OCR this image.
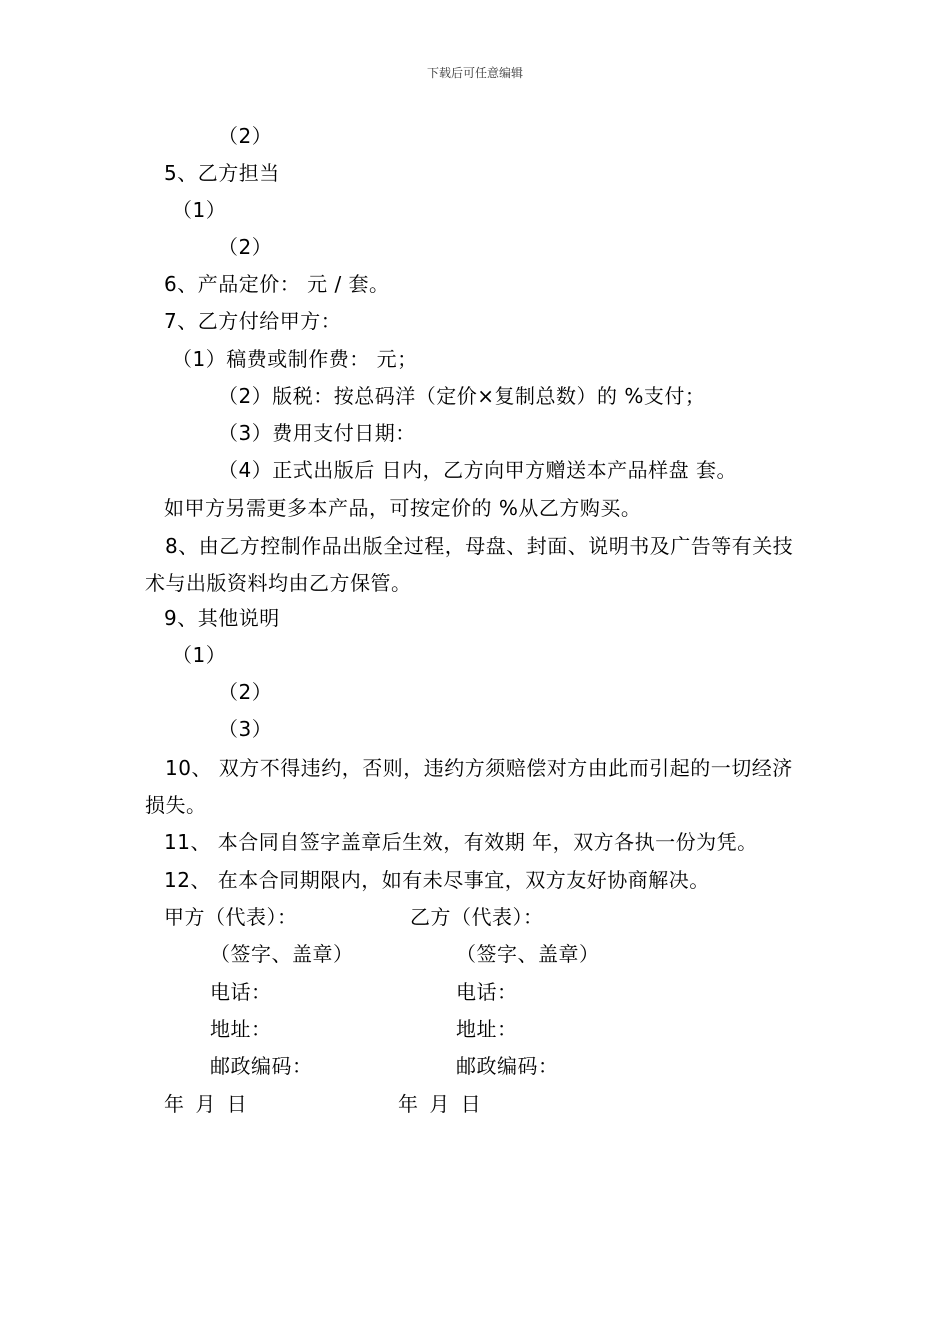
下载后可任意编辑
（2）
5、乙方担当
（1）
（2）
6、产品定价： 元 / 套。
7、乙方付给甲方：
（1）稿费或制作费： 元；
（2）版税：按总码洋（定价×复制总数）的 %支付；
（3）费用支付日期：
（4）正式出版后 日内，乙方向甲方赠送本产品样盘 套。
如甲方另需更多本产品，可按定价的 %从乙方购买。
8、由乙方控制作品出版全过程，母盘、封面、说明书及广告等有关技术与出版资料均由乙方保管。
9、其他说明
（1）
（2）
（3）
10、 双方不得违约，否则，违约方须赔偿对方由此而引起的一切经济损失。
11、 本合同自签字盖章后生效，有效期 年，双方各执一份为凭。
12、 在本合同期限内，如有未尽事宜，双方友好协商解决。
甲方（代表）：	乙方（代表）：
（签字、盖章）	（签字、盖章）
电话：	电话：
地址：	地址：
邮政编码：	邮政编码：
年 月 日	年 月 日
